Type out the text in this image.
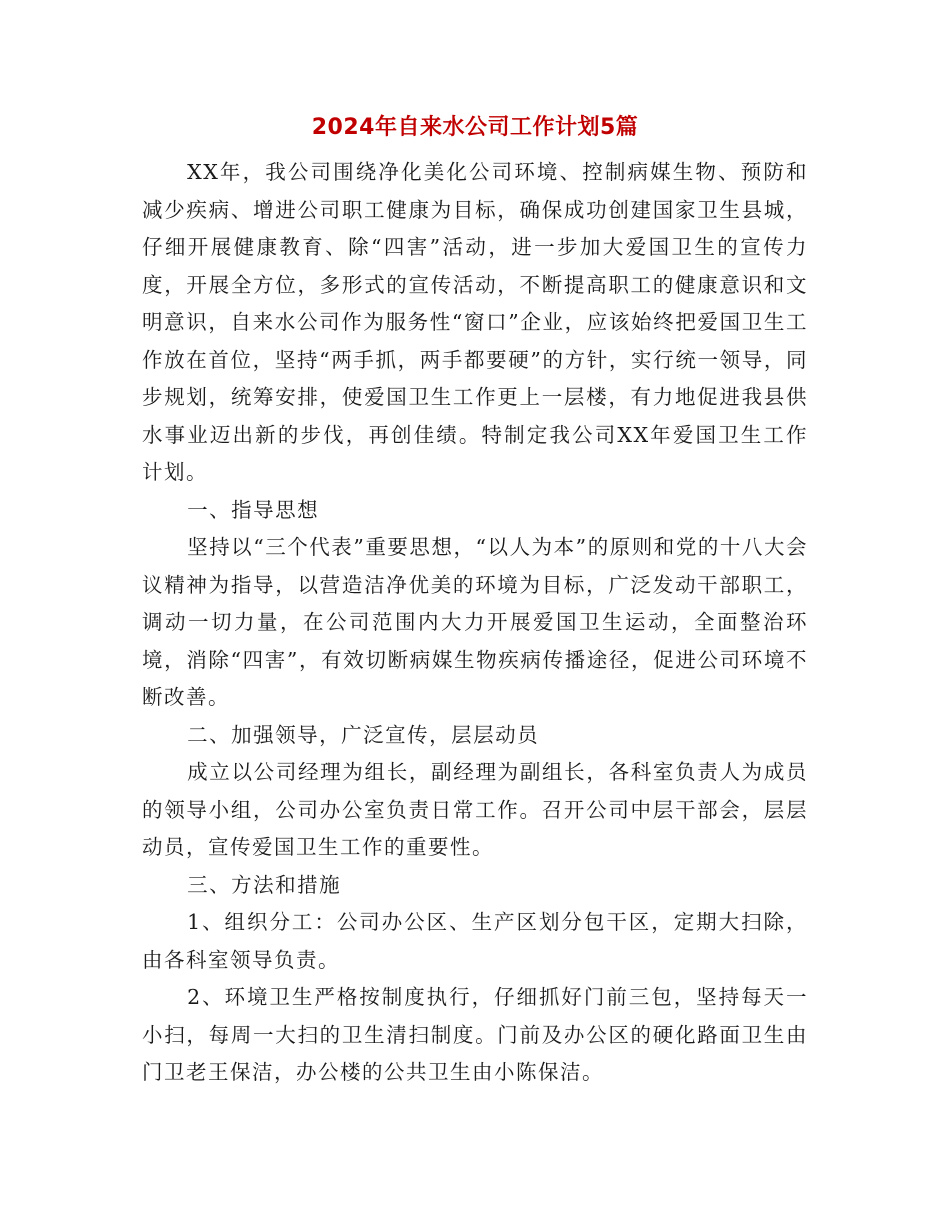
2024年自来水公司工作计划5篇

XX年，我公司围绕净化美化公司环境、控制病媒生物、预防和减少疾病、增进公司职工健康为目标，确保成功创建国家卫生县城，仔细开展健康教育、除“四害”活动，进一步加大爱国卫生的宣传力度，开展全方位，多形式的宣传活动，不断提高职工的健康意识和文明意识，自来水公司作为服务性“窗口”企业，应该始终把爱国卫生工作放在首位，坚持“两手抓，两手都要硬”的方针，实行统一领导，同步规划，统筹安排，使爱国卫生工作更上一层楼，有力地促进我县供水事业迈出新的步伐，再创佳绩。特制定我公司XX年爱国卫生工作计划。

一、指导思想

坚持以“三个代表”重要思想，“以人为本”的原则和党的十八大会议精神为指导，以营造洁净优美的环境为目标，广泛发动干部职工，调动一切力量，在公司范围内大力开展爱国卫生运动，全面整治环境，消除“四害”，有效切断病媒生物疾病传播途径，促进公司环境不断改善。

二、加强领导，广泛宣传，层层动员

成立以公司经理为组长，副经理为副组长，各科室负责人为成员的领导小组，公司办公室负责日常工作。召开公司中层干部会，层层动员，宣传爱国卫生工作的重要性。

三、方法和措施

1、组织分工：公司办公区、生产区划分包干区，定期大扫除，由各科室领导负责。

2、环境卫生严格按制度执行，仔细抓好门前三包，坚持每天一小扫，每周一大扫的卫生清扫制度。门前及办公区的硬化路面卫生由门卫老王保洁，办公楼的公共卫生由小陈保洁。
